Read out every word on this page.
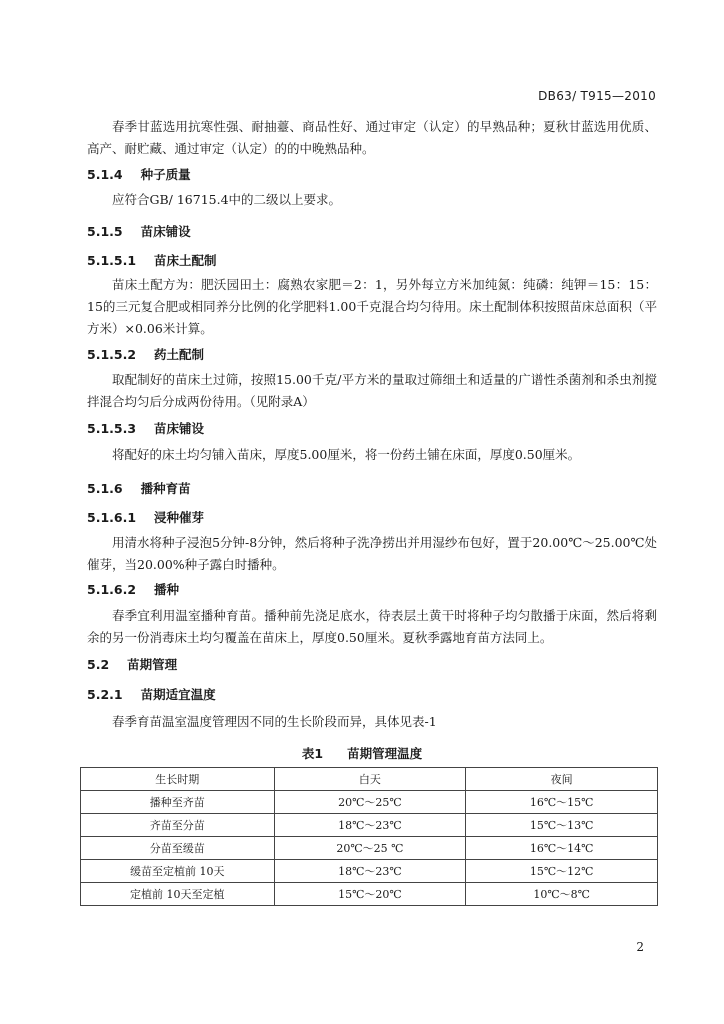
DB63/ T915—2010

春季甘蓝选用抗寒性强、耐抽薹、商品性好、通过审定（认定）的早熟品种；夏秋甘蓝选用优质、高产、耐贮藏、通过审定（认定）的的中晚熟品种。

5.1.4 种子质量

应符合GB/ 16715.4中的二级以上要求。

5.1.5 苗床铺设
5.1.5.1 苗床土配制

苗床土配方为：肥沃园田土：腐熟农家肥＝2：1，另外每立方米加纯氮：纯磷：纯钾＝15：15：15的三元复合肥或相同养分比例的化学肥料1.00千克混合均匀待用。床土配制体积按照苗床总面积（平方米）×0.06米计算。

5.1.5.2 药土配制

取配制好的苗床土过筛，按照15.00千克/平方米的量取过筛细土和适量的广谱性杀菌剂和杀虫剂搅拌混合均匀后分成两份待用。（见附录A）

5.1.5.3 苗床铺设

将配好的床土均匀铺入苗床，厚度5.00厘米，将一份药土铺在床面，厚度0.50厘米。

5.1.6 播种育苗
5.1.6.1 浸种催芽

用清水将种子浸泡5分钟-8分钟，然后将种子洗净捞出并用湿纱布包好，置于20.00℃～25.00℃处催芽，当20.00%种子露白时播种。

5.1.6.2 播种

春季宜利用温室播种育苗。播种前先浇足底水，待表层土黄干时将种子均匀散播于床面，然后将剩余的另一份消毒床土均匀覆盖在苗床上，厚度0.50厘米。夏秋季露地育苗方法同上。

5.2 苗期管理
5.2.1 苗期适宜温度

春季育苗温室温度管理因不同的生长阶段而异，具体见表-1

表1 苗期管理温度
生长时期	白天	夜间
播种至齐苗	20℃～25℃	16℃～15℃
齐苗至分苗	18℃～23℃	15℃～13℃
分苗至缓苗	20℃～25 ℃	16℃～14℃
缓苗至定植前 10天	18℃～23℃	15℃～12℃
定植前 10天至定植	15℃～20℃	10℃～8℃
2
